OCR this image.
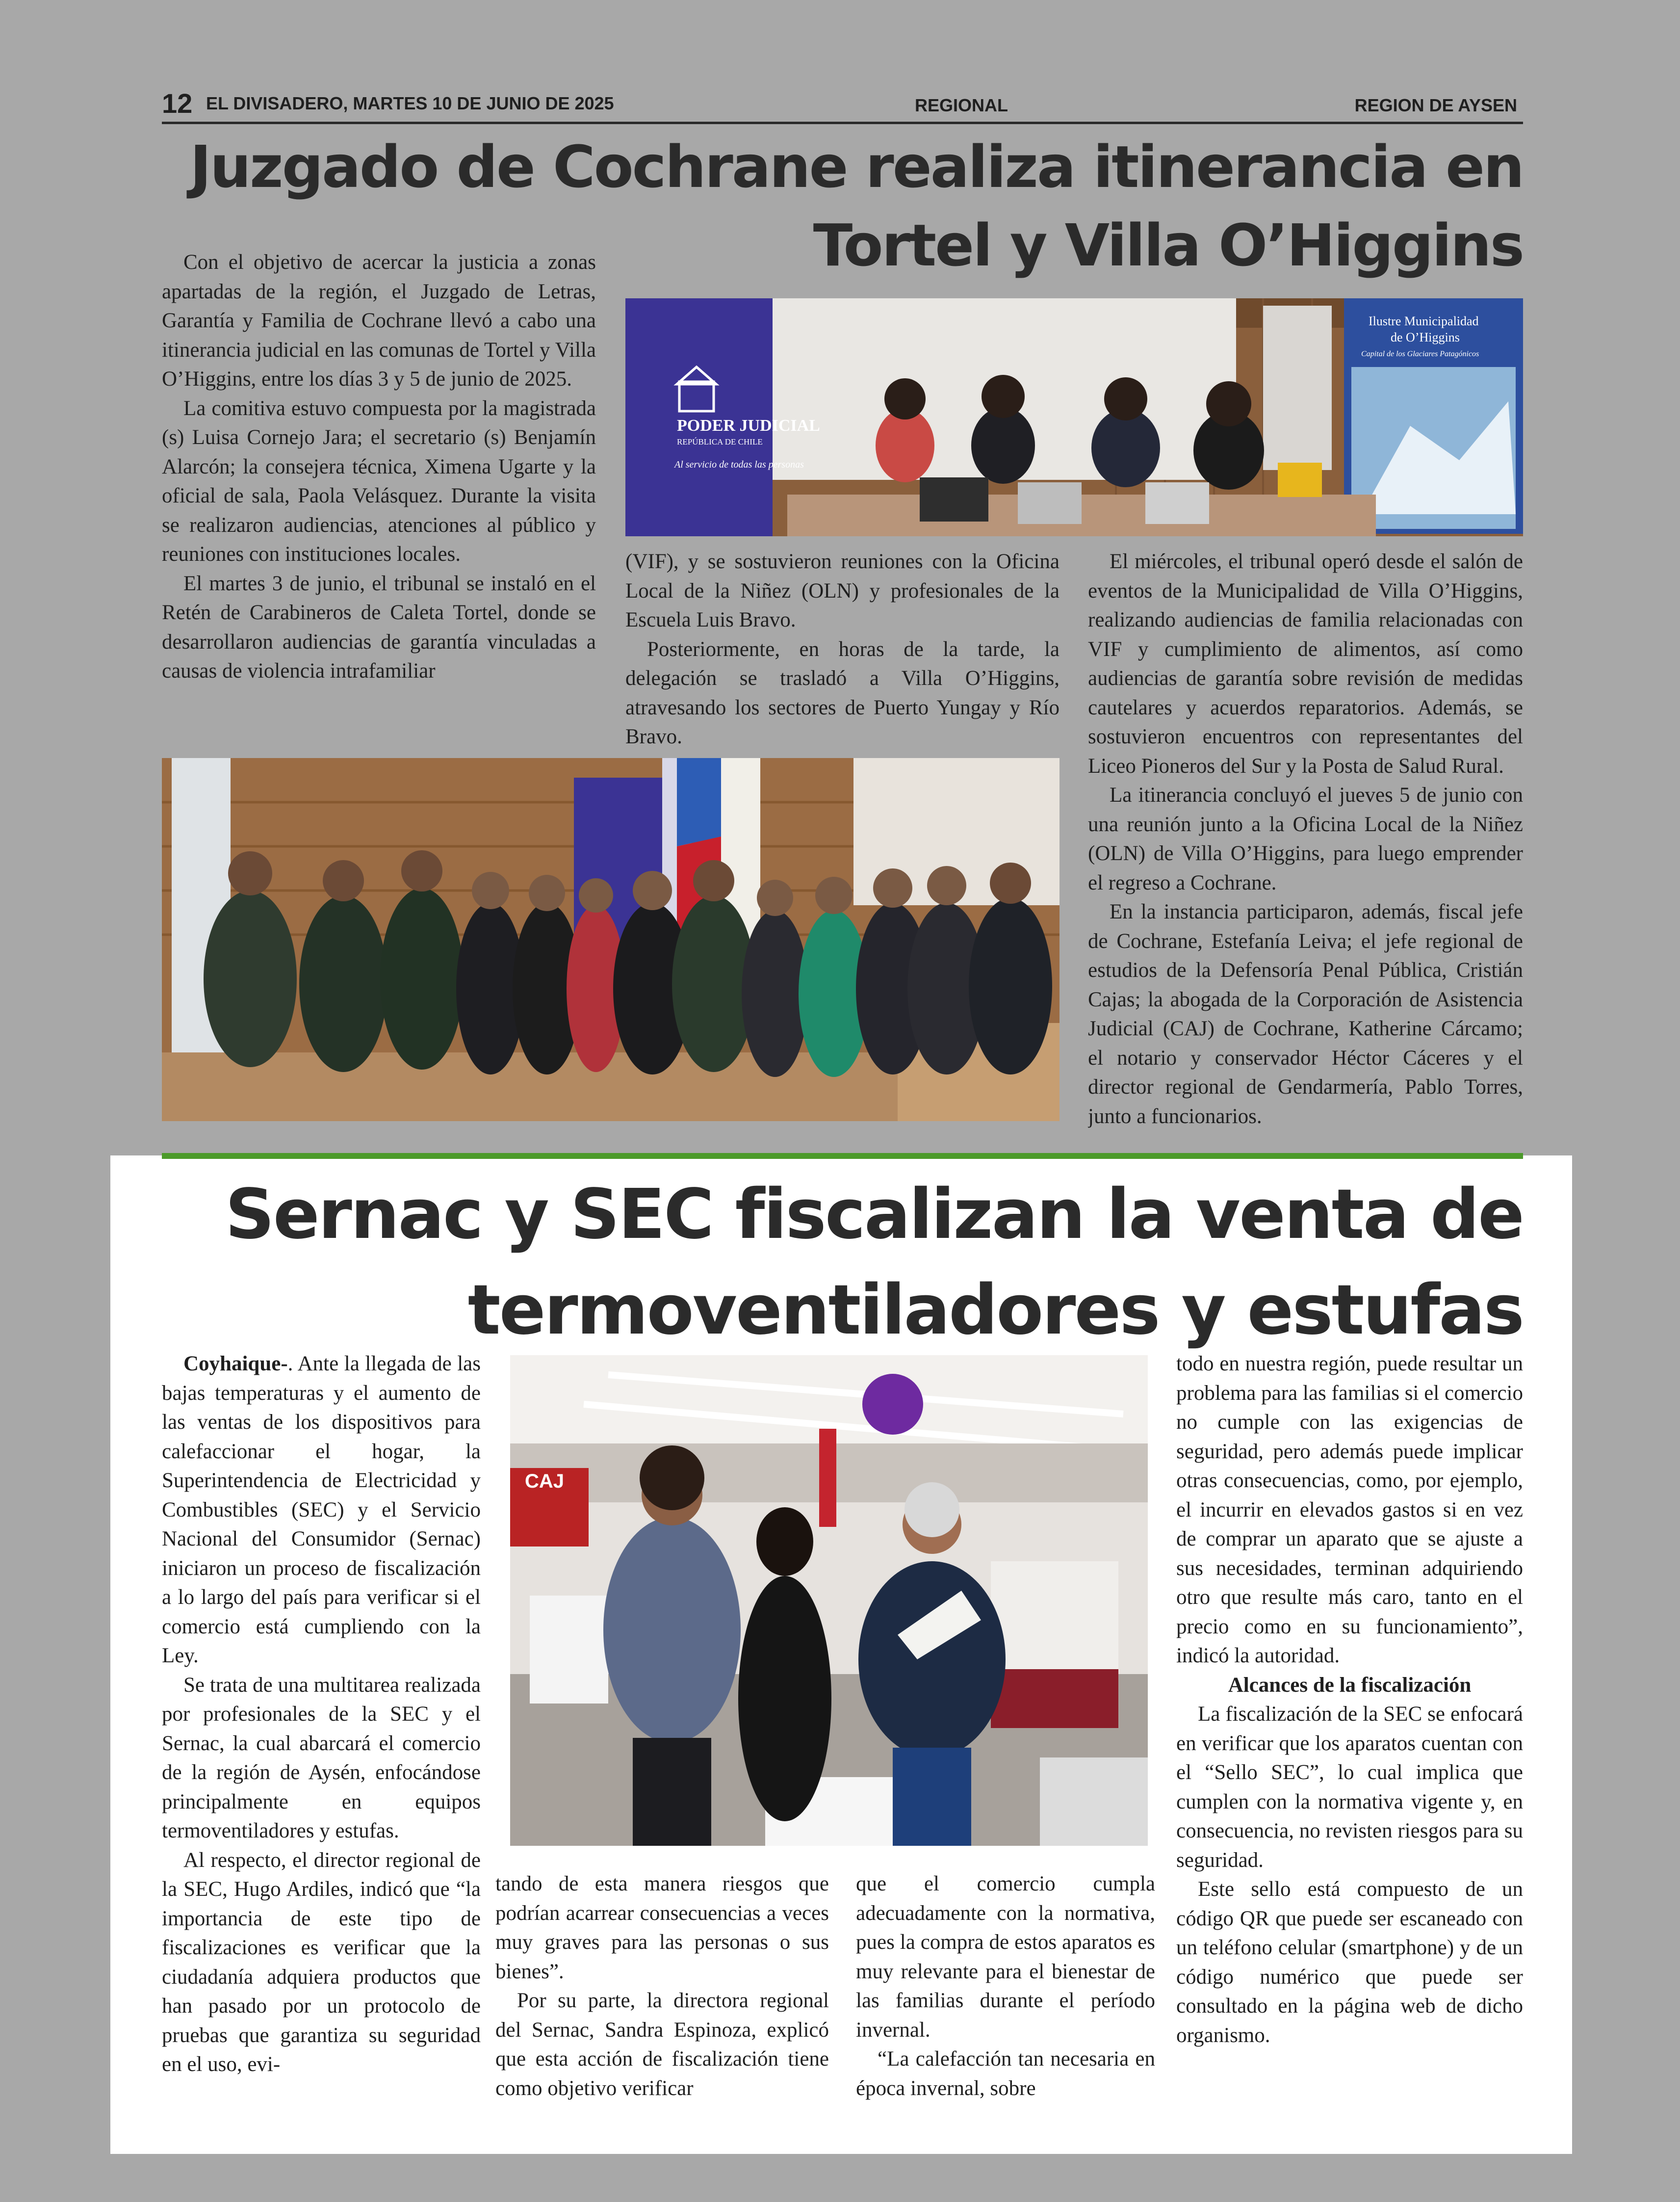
12 EL DIVISADERO, MARTES 10 DE JUNIO DE 2025	REGIONAL	REGION DE AYSEN
Juzgado de Cochrane realiza itinerancia en
Tortel y Villa O’Higgins

Con el objetivo de acercar la justicia a zonas apartadas de la región, el Juzgado de Letras, Garantía y Familia de Cochrane llevó a cabo una itinerancia judicial en las comunas de Tortel y Villa O’Higgins, entre los días 3 y 5 de junio de 2025.

La comitiva estuvo compuesta por la magistrada (s) Luisa Cornejo Jara; el secretario (s) Benjamín Alarcón; la consejera técnica, Ximena Ugarte y la oficial de sala, Paola Velásquez. Durante la visita se realizaron audiencias, atenciones al público y reuniones con instituciones locales.

El martes 3 de junio, el tribunal se instaló en el Retén de Carabineros de Caleta Tortel, donde se desarrollaron audiencias de garantía vinculadas a causas de violencia intrafamiliar

PODER JUDICIAL
REPÚBLICA DE CHILE
Al servicio de todas las personas
Ilustre Municipalidad
de O’Higgins
Capital de los Glaciares Patagónicos

(VIF), y se sostuvieron reuniones con la Oficina Local de la Niñez (OLN) y profesionales de la Escuela Luis Bravo.

Posteriormente, en horas de la tarde, la delegación se trasladó a Villa O’Higgins, atravesando los sectores de Puerto Yungay y Río Bravo.

El miércoles, el tribunal operó desde el salón de eventos de la Municipalidad de Villa O’Higgins, realizando audiencias de familia relacionadas con VIF y cumplimiento de alimentos, así como audiencias de garantía sobre revisión de medidas cautelares y acuerdos reparatorios. Además, se sostuvieron encuentros con representantes del Liceo Pioneros del Sur y la Posta de Salud Rural.

La itinerancia concluyó el jueves 5 de junio con una reunión junto a la Oficina Local de la Niñez (OLN) de Villa O’Higgins, para luego emprender el regreso a Cochrane.

En la instancia participaron, además, fiscal jefe de Cochrane, Estefanía Leiva; el jefe regional de estudios de la Defensoría Penal Pública, Cristián Cajas; la abogada de la Corporación de Asistencia Judicial (CAJ) de Cochrane, Katherine Cárcamo; el notario y conservador Héctor Cáceres y el director regional de Gendarmería, Pablo Torres, junto a funcionarios.

Sernac y SEC fiscalizan la venta de
termoventiladores y estufas

Coyhaique-. Ante la llegada de las bajas temperaturas y el aumento de las ventas de los dispositivos para calefaccionar el hogar, la Superintendencia de Electricidad y Combustibles (SEC) y el Servicio Nacional del Consumidor (Sernac) iniciaron un proceso de fiscalización a lo largo del país para verificar si el comercio está cumpliendo con la Ley.

Se trata de una multitarea realizada por profesionales de la SEC y el Sernac, la cual abarcará el comercio de la región de Aysén, enfocándose principalmente en equipos termoventiladores y estufas.

Al respecto, el director regional de la SEC, Hugo Ardiles, indicó que “la importancia de este tipo de fiscalizaciones es verificar que la ciudadanía adquiera productos que han pasado por un protocolo de pruebas que garantiza su seguridad en el uso, evi-

CAJ

tando de esta manera riesgos que podrían acarrear consecuencias a veces muy graves para las personas o sus bienes”.

Por su parte, la directora regional del Sernac, Sandra Espinoza, explicó que esta acción de fiscalización tiene como objetivo verificar

que el comercio cumpla adecuadamente con la normativa, pues la compra de estos aparatos es muy relevante para el bienestar de las familias durante el período invernal.

“La calefacción tan necesaria en época invernal, sobre

todo en nuestra región, puede resultar un problema para las familias si el comercio no cumple con las exigencias de seguridad, pero además puede implicar otras consecuencias, como, por ejemplo, el incurrir en elevados gastos si en vez de comprar un aparato que se ajuste a sus necesidades, terminan adquiriendo otro que resulte más caro, tanto en el precio como en su funcionamiento”, indicó la autoridad.

Alcances de la fiscalización

La fiscalización de la SEC se enfocará en verificar que los aparatos cuentan con el “Sello SEC”, lo cual implica que cumplen con la normativa vigente y, en consecuencia, no revisten riesgos para su seguridad.

Este sello está compuesto de un código QR que puede ser escaneado con un teléfono celular (smartphone) y de un código numérico que puede ser consultado en la página web de dicho organismo.
